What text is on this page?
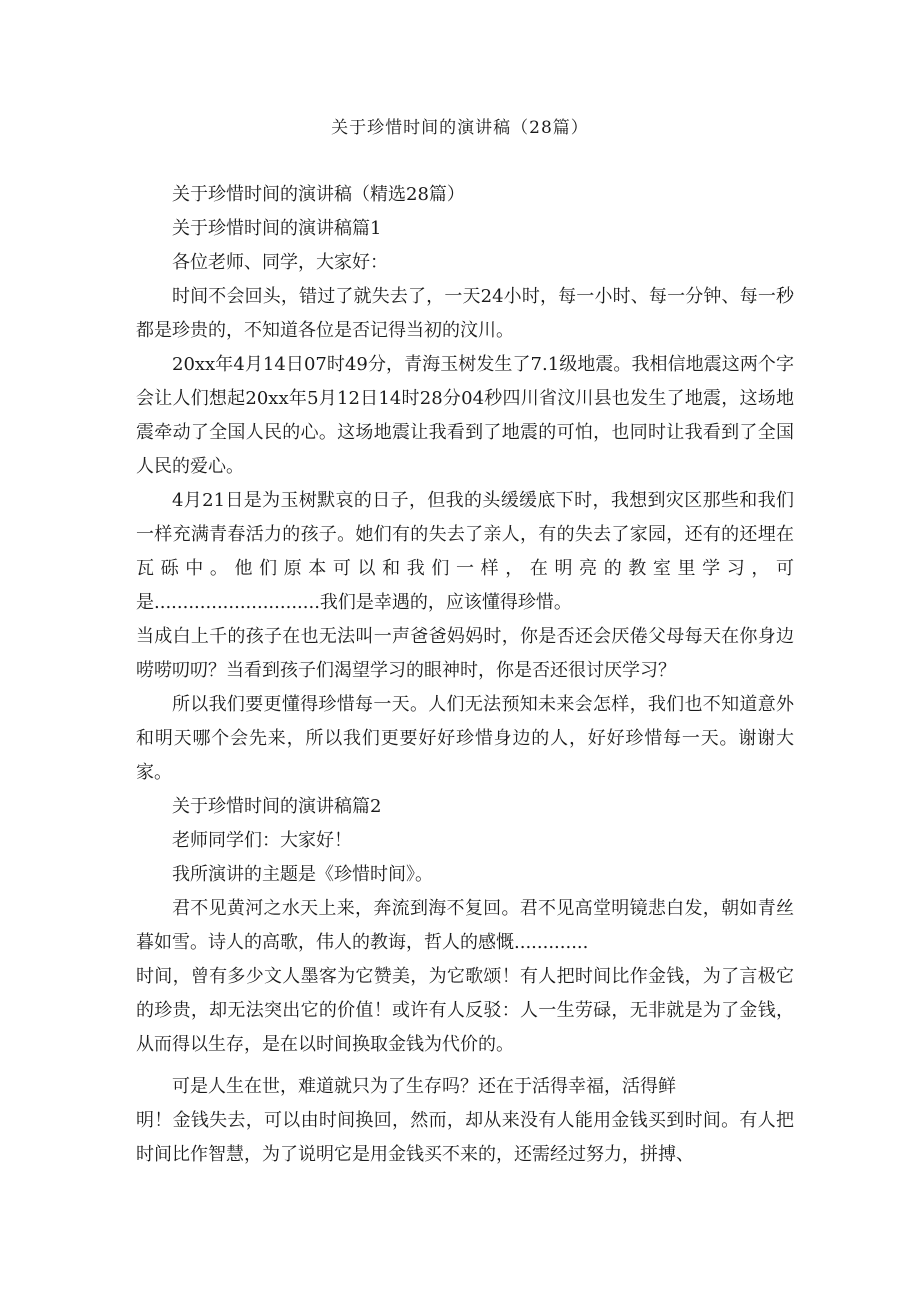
关于珍惜时间的演讲稿（28篇）

关于珍惜时间的演讲稿（精选28篇）

关于珍惜时间的演讲稿篇1

各位老师、同学，大家好：

时间不会回头，错过了就失去了，一天24小时，每一小时、每一分钟、每一秒都是珍贵的，不知道各位是否记得当初的汶川。

20xx年4月14日07时49分，青海玉树发生了7.1级地震。我相信地震这两个字会让人们想起20xx年5月12日14时28分04秒四川省汶川县也发生了地震，这场地震牵动了全国人民的心。这场地震让我看到了地震的可怕，也同时让我看到了全国人民的爱心。

4月21日是为玉树默哀的日子，但我的头缓缓底下时，我想到灾区那些和我们一样充满青春活力的孩子。她们有的失去了亲人，有的失去了家园，还有的还埋在瓦砾中。他们原本可以和我们一样，在明亮的教室里学习，可是.............................我们是幸遇的，应该懂得珍惜。

当成白上千的孩子在也无法叫一声爸爸妈妈时，你是否还会厌倦父母每天在你身边唠唠叨叨？当看到孩子们渴望学习的眼神时，你是否还很讨厌学习？

所以我们要更懂得珍惜每一天。人们无法预知未来会怎样，我们也不知道意外和明天哪个会先来，所以我们更要好好珍惜身边的人，好好珍惜每一天。谢谢大家。

关于珍惜时间的演讲稿篇2

老师同学们：大家好！

我所演讲的主题是《珍惜时间》。

君不见黄河之水天上来，奔流到海不复回。君不见高堂明镜悲白发，朝如青丝暮如雪。诗人的高歌，伟人的教诲，哲人的感慨.............

时间，曾有多少文人墨客为它赞美，为它歌颂！有人把时间比作金钱，为了言极它的珍贵，却无法突出它的价值！或许有人反驳：人一生劳碌，无非就是为了金钱，从而得以生存，是在以时间换取金钱为代价的。

可是人生在世，难道就只为了生存吗？还在于活得幸福，活得鲜

明！金钱失去，可以由时间换回，然而，却从来没有人能用金钱买到时间。有人把时间比作智慧，为了说明它是用金钱买不来的，还需经过努力，拼搏、
